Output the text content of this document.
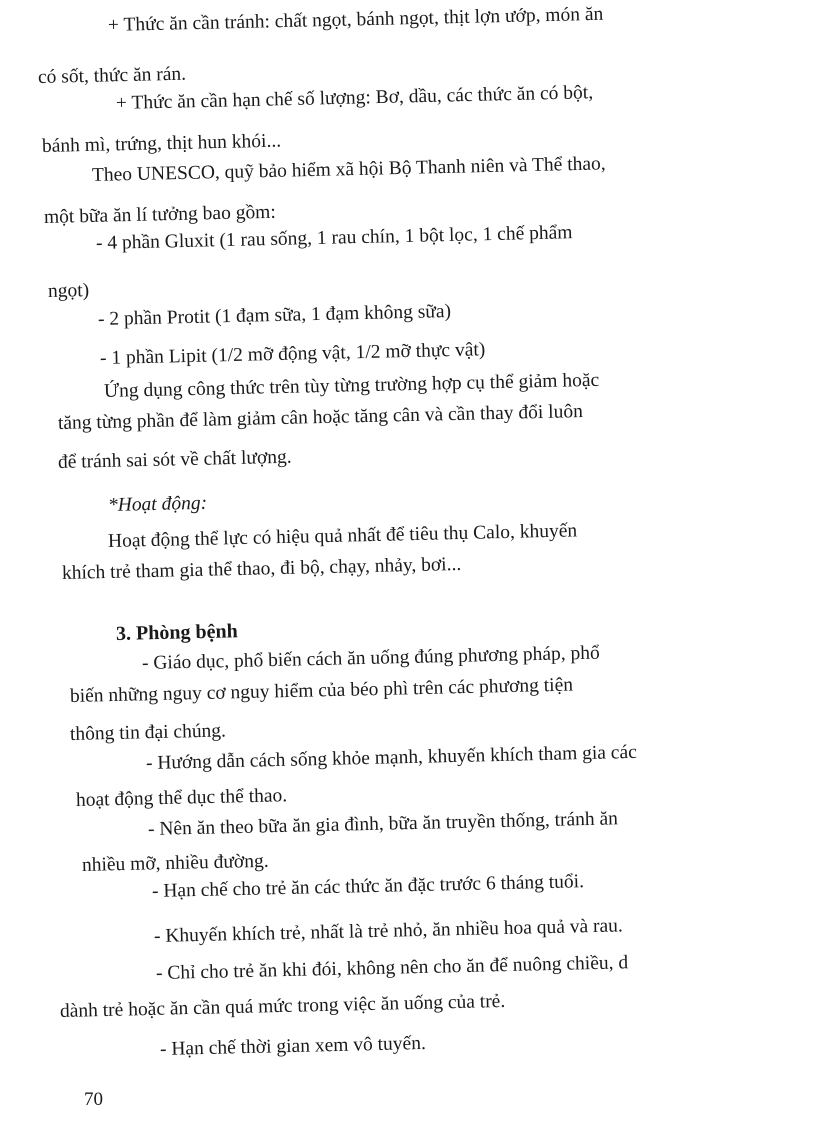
+ Thức ăn cần tránh: chất ngọt, bánh ngọt, thịt lợn ướp, món ăn
có sốt, thức ăn rán.
+ Thức ăn cần hạn chế số lượng: Bơ, dầu, các thức ăn có bột,
bánh mì, trứng, thịt hun khói...
Theo UNESCO, quỹ bảo hiểm xã hội Bộ Thanh niên và Thể thao,
một bữa ăn lí tưởng bao gồm:
- 4 phần Gluxit (1 rau sống, 1 rau chín, 1 bột lọc, 1 chế phẩm
ngọt)
- 2 phần Protit (1 đạm sữa, 1 đạm không sữa)
- 1 phần Lipit (1/2 mỡ động vật, 1/2 mỡ thực vật)
Ứng dụng công thức trên tùy từng trường hợp cụ thể giảm hoặc
tăng từng phần để làm giảm cân hoặc tăng cân và cần thay đổi luôn
để tránh sai sót về chất lượng.
*Hoạt động:
Hoạt động thể lực có hiệu quả nhất để tiêu thụ Calo, khuyến
khích trẻ tham gia thể thao, đi bộ, chạy, nhảy, bơi...
3. Phòng bệnh
- Giáo dục, phổ biến cách ăn uống đúng phương pháp, phổ
biến những nguy cơ nguy hiểm của béo phì trên các phương tiện
thông tin đại chúng.
- Hướng dẫn cách sống khỏe mạnh, khuyến khích tham gia các
hoạt động thể dục thể thao.
- Nên ăn theo bữa ăn gia đình, bữa ăn truyền thống, tránh ăn
nhiều mỡ, nhiều đường.
- Hạn chế cho trẻ ăn các thức ăn đặc trước 6 tháng tuổi.
- Khuyến khích trẻ, nhất là trẻ nhỏ, ăn nhiều hoa quả và rau.
- Chỉ cho trẻ ăn khi đói, không nên cho ăn để nuông chiều, d
dành trẻ hoặc ăn cần quá mức trong việc ăn uống của trẻ.
- Hạn chế thời gian xem vô tuyến.
70
